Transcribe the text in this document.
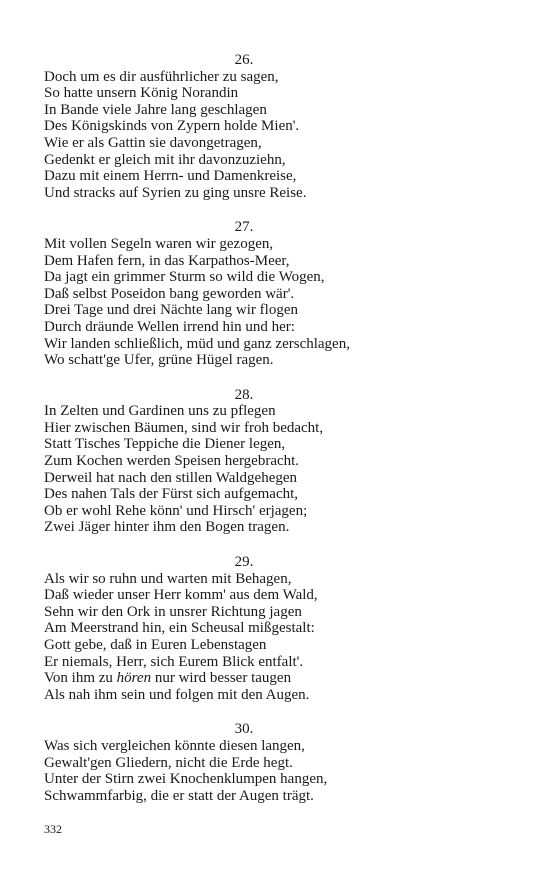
26.
Doch um es dir ausführlicher zu sagen,
So hatte unsern König Norandin
In Bande viele Jahre lang geschlagen
Des Königskinds von Zypern holde Mien'.
Wie er als Gattin sie davongetragen,
Gedenkt er gleich mit ihr davonzuziehn,
Dazu mit einem Herrn- und Damenkreise,
Und stracks auf Syrien zu ging unsre Reise.
27.
Mit vollen Segeln waren wir gezogen,
Dem Hafen fern, in das Karpathos-Meer,
Da jagt ein grimmer Sturm so wild die Wogen,
Daß selbst Poseidon bang geworden wär'.
Drei Tage und drei Nächte lang wir flogen
Durch dräunde Wellen irrend hin und her:
Wir landen schließlich, müd und ganz zerschlagen,
Wo schatt'ge Ufer, grüne Hügel ragen.
28.
In Zelten und Gardinen uns zu pflegen
Hier zwischen Bäumen, sind wir froh bedacht,
Statt Tisches Teppiche die Diener legen,
Zum Kochen werden Speisen hergebracht.
Derweil hat nach den stillen Waldgehegen
Des nahen Tals der Fürst sich aufgemacht,
Ob er wohl Rehe könn' und Hirsch' erjagen;
Zwei Jäger hinter ihm den Bogen tragen.
29.
Als wir so ruhn und warten mit Behagen,
Daß wieder unser Herr komm' aus dem Wald,
Sehn wir den Ork in unsrer Richtung jagen
Am Meerstrand hin, ein Scheusal mißgestalt:
Gott gebe, daß in Euren Lebenstagen
Er niemals, Herr, sich Eurem Blick entfalt'.
Von ihm zu hören nur wird besser taugen
Als nah ihm sein und folgen mit den Augen.
30.
Was sich vergleichen könnte diesen langen,
Gewalt'gen Gliedern, nicht die Erde hegt.
Unter der Stirn zwei Knochenklumpen hangen,
Schwammfarbig, die er statt der Augen trägt.
332
